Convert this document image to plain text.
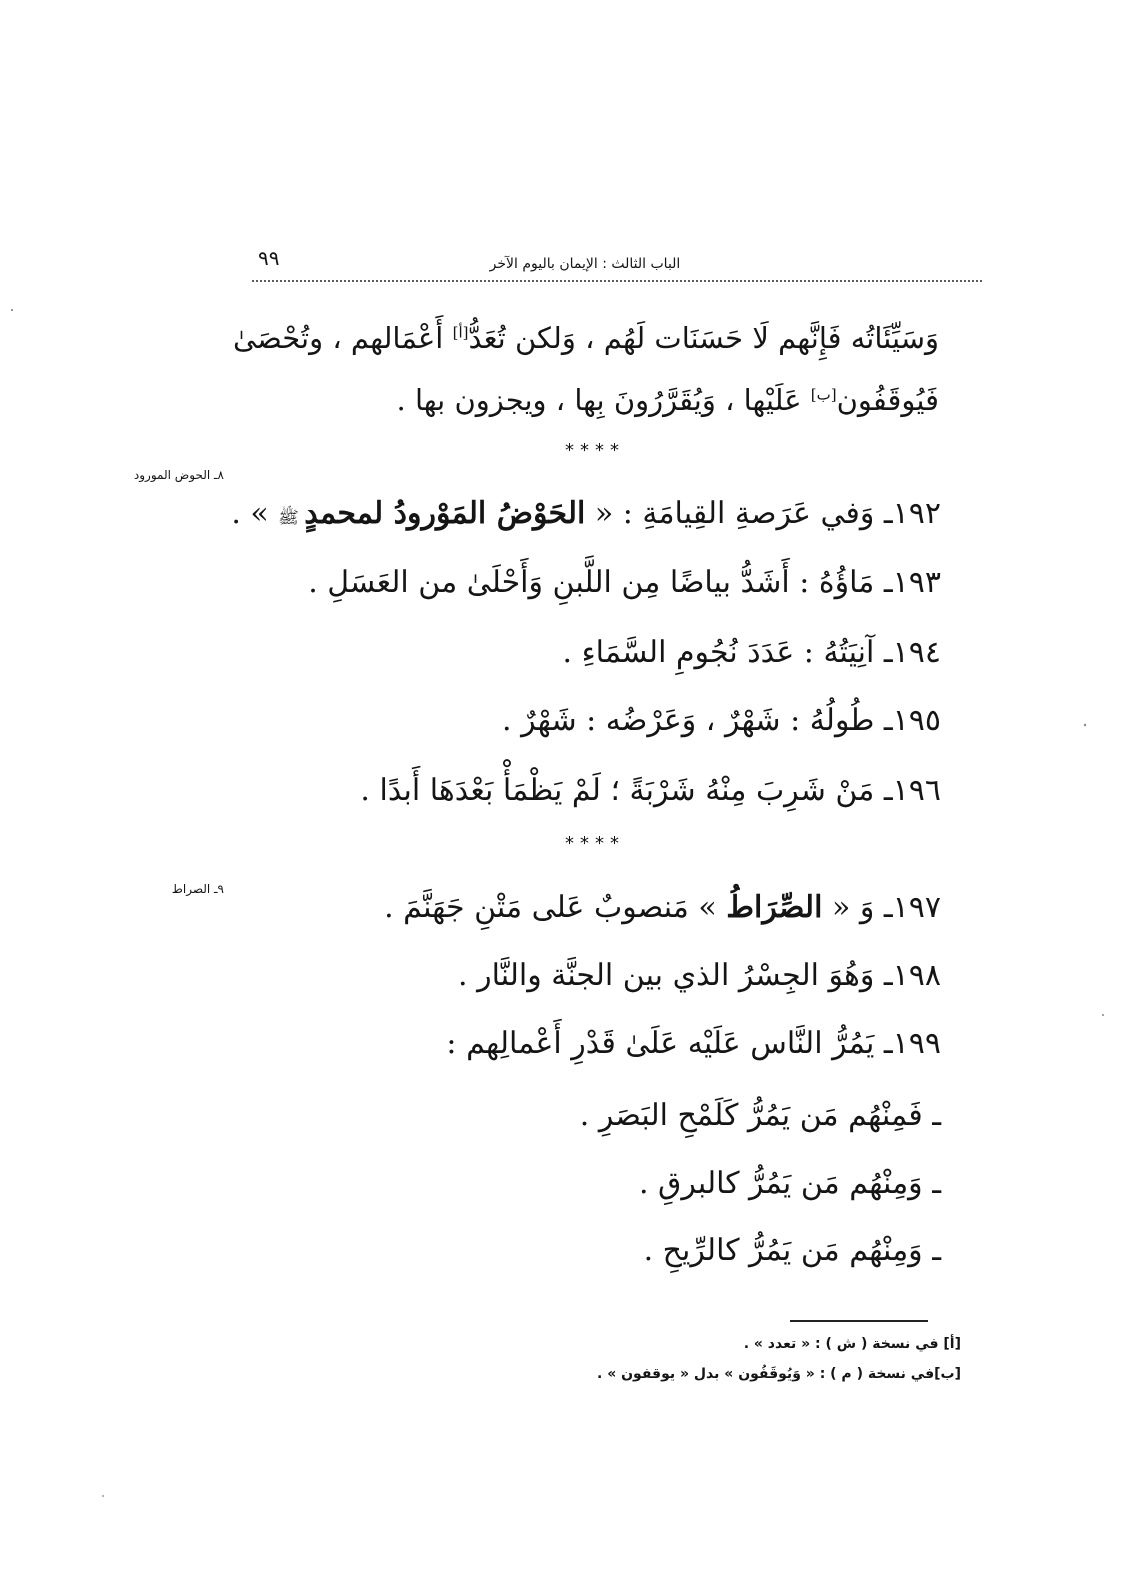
٩٩	الباب الثالث : الإيمان باليوم الآخر
وَسَيِّئَاتُه فَإِنَّهم لَا حَسَنَات لَهُم ، وَلكن تُعَدُّ[أ] أَعْمَالهم ، وتُحْصَىٰ
فَيُوقَفُون[ب] عَلَيْها ، وَيُقَرَّرُونَ بِها ، ويجزون بها .
****
٨ـ الحوض المورود
١٩٢ـ وَفي عَرَصةِ القِيامَةِ : « الحَوْضُ المَوْرودُ لمحمدٍ ﷺ » .
١٩٣ـ مَاؤُهُ : أَشَدُّ بياضًا مِن اللَّبنِ وَأَحْلَىٰ من العَسَلِ .
١٩٤ـ آنِيَتُهُ : عَدَدَ نُجُومِ السَّمَاءِ .
١٩٥ـ طُولُهُ : شَهْرٌ ، وَعَرْضُه : شَهْرٌ .
١٩٦ـ مَنْ شَرِبَ مِنْهُ شَرْبَةً ؛ لَمْ يَظْمَأْ بَعْدَهَا أَبدًا .
****
٩ـ الصراط
١٩٧ـ وَ « الصِّرَاطُ » مَنصوبٌ عَلى مَتْنِ جَهَنَّمَ .
١٩٨ـ وَهُوَ الجِسْرُ الذي بين الجنَّة والنَّار .
١٩٩ـ يَمُرُّ النَّاس عَلَيْه عَلَىٰ قَدْرِ أَعْمالِهم :
ـ فَمِنْهُم مَن يَمُرُّ كَلَمْحِ البَصَرِ .
ـ وَمِنْهُم مَن يَمُرُّ كالبرقِ .
ـ وَمِنْهُم مَن يَمُرُّ كالرِّيحِ .
[أ] في نسخة ( ش ) : « تعدد » .
[ب]في نسخة ( م ) : « وَيُوقَفُون » بدل « يوقفون » .
